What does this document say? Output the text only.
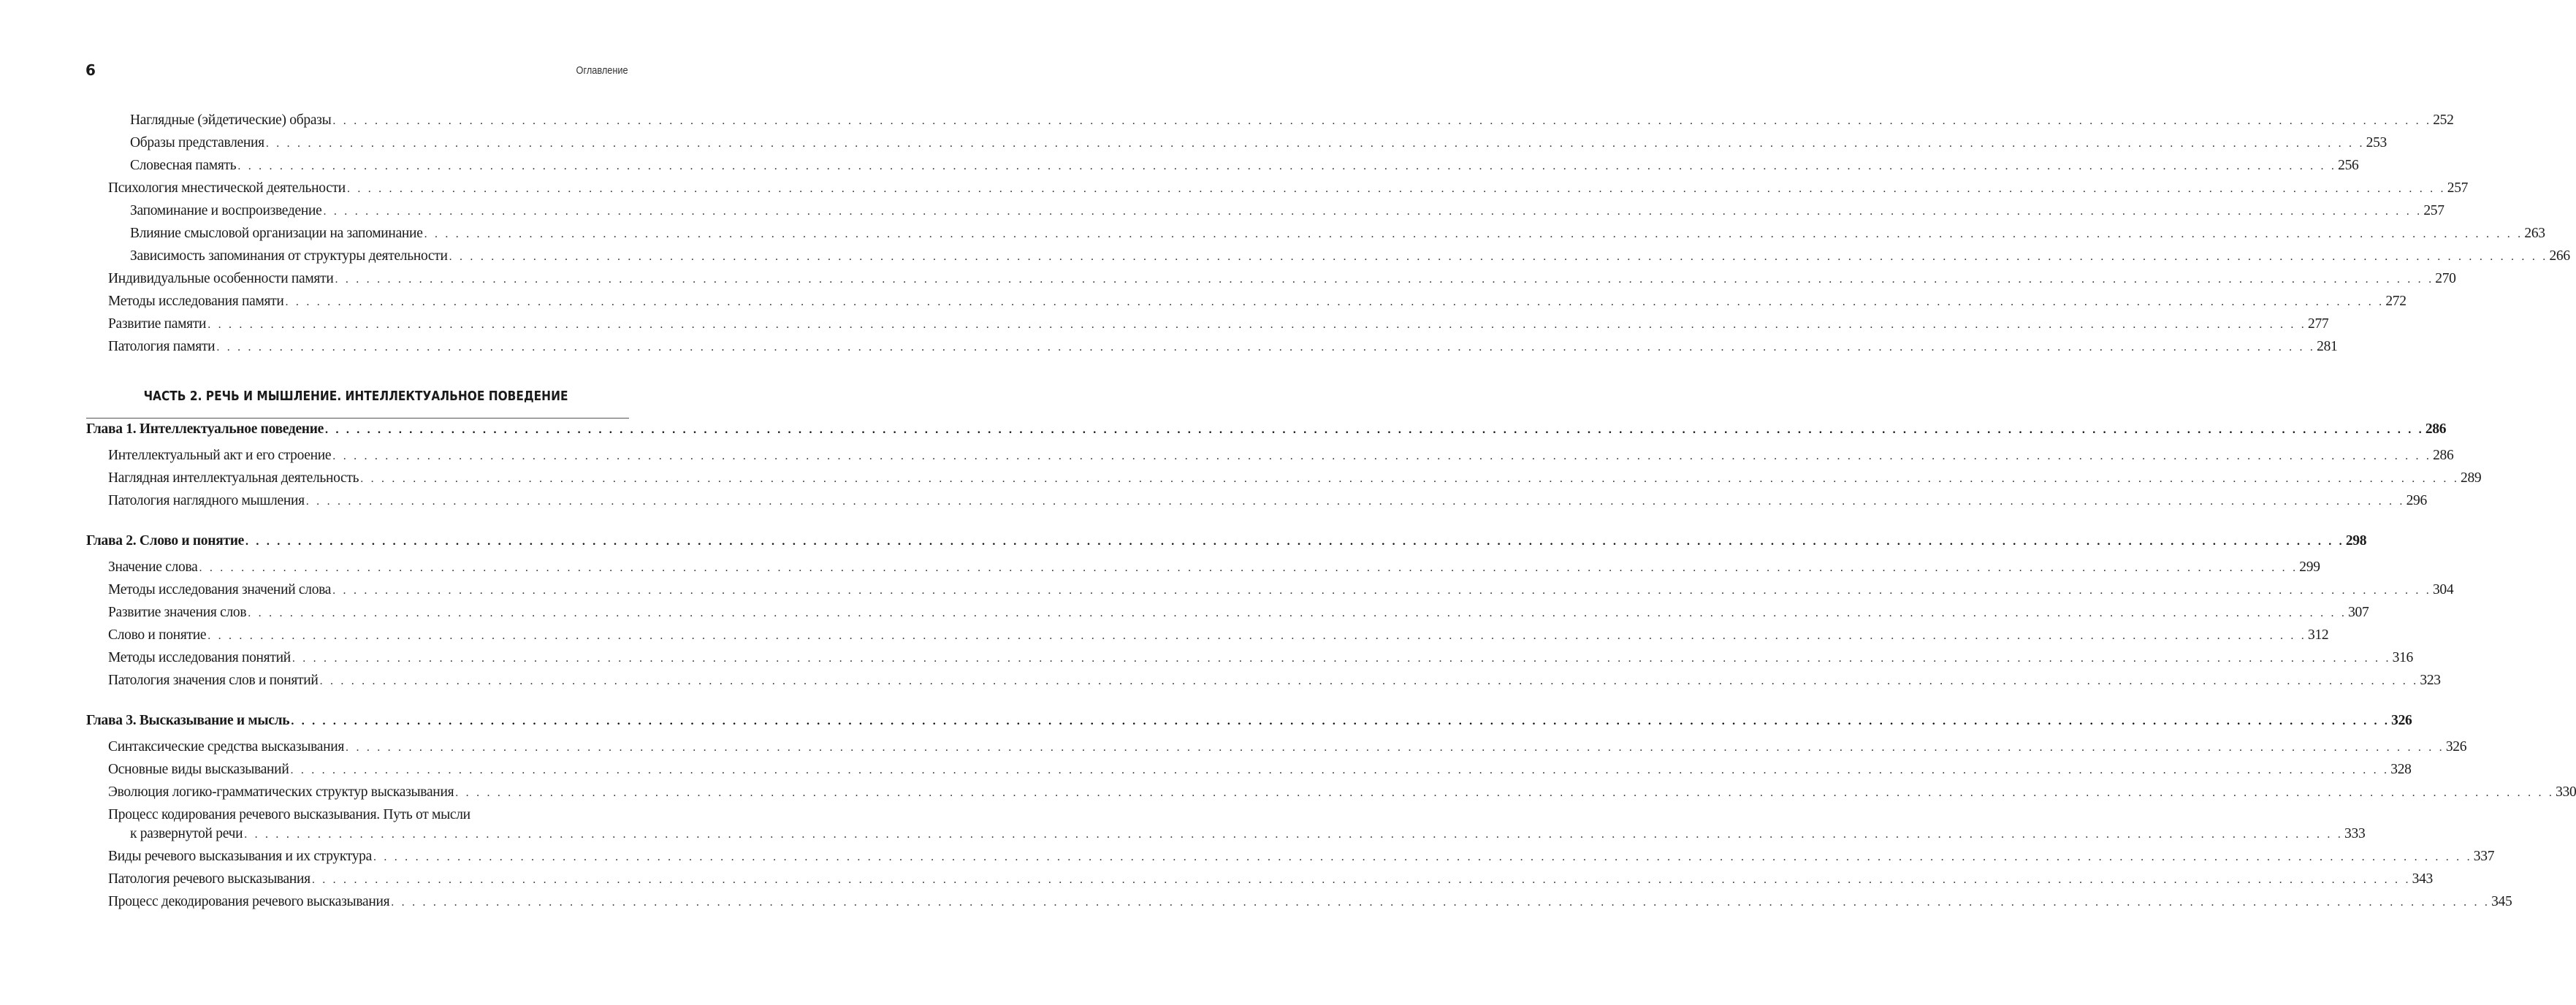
6	Оглавление
Наглядные (эйдетические) образы . . . . . . . . . . . . . . . . . . . . . . . . . . . . . . . . . . . . . . . . . . . . . . . . . . . . . . . . . . . . . . . . . . . . . . . . . . . . . . . . . . . . . . . . . . . . . . . . . . . . . . . . . . . . . . . . . . . . . . . . . . . . . . . . . . . . . . . . . . . . . . . . . . . . . . . . . . . . . . . . . . . . . . . . . . . . . . . . . . . . . . . . . . . . . . . . . . . . . . . . 252
Образы представления . . . . . . . . . . . . . . . . . . . . . . . . . . . . . . . . . . . . . . . . . . . . . . . . . . . . . . . . . . . . . . . . . . . . . . . . . . . . . . . . . . . . . . . . . . . . . . . . . . . . . . . . . . . . . . . . . . . . . . . . . . . . . . . . . . . . . . . . . . . . . . . . . . . . . . . . . . . . . . . . . . . . . . . . . . . . . . . . . . . . . . . . . . . . . . . . . . . . . . . . 253
Словесная память . . . . . . . . . . . . . . . . . . . . . . . . . . . . . . . . . . . . . . . . . . . . . . . . . . . . . . . . . . . . . . . . . . . . . . . . . . . . . . . . . . . . . . . . . . . . . . . . . . . . . . . . . . . . . . . . . . . . . . . . . . . . . . . . . . . . . . . . . . . . . . . . . . . . . . . . . . . . . . . . . . . . . . . . . . . . . . . . . . . . . . . . . . . . . . . . . . . . . . . . 256
Психология мнестической деятельности . . . . . . . . . . . . . . . . . . . . . . . . . . . . . . . . . . . . . . . . . . . . . . . . . . . . . . . . . . . . . . . . . . . . . . . . . . . . . . . . . . . . . . . . . . . . . . . . . . . . . . . . . . . . . . . . . . . . . . . . . . . . . . . . . . . . . . . . . . . . . . . . . . . . . . . . . . . . . . . . . . . . . . . . . . . . . . . . . . . . . . . . . . . . . . . . . . . . . . . . 257
Запоминание и воспроизведение . . . . . . . . . . . . . . . . . . . . . . . . . . . . . . . . . . . . . . . . . . . . . . . . . . . . . . . . . . . . . . . . . . . . . . . . . . . . . . . . . . . . . . . . . . . . . . . . . . . . . . . . . . . . . . . . . . . . . . . . . . . . . . . . . . . . . . . . . . . . . . . . . . . . . . . . . . . . . . . . . . . . . . . . . . . . . . . . . . . . . . . . . . . . . . . . . . . . . . . . 257
Влияние смысловой организации на запоминание . . . . . . . . . . . . . . . . . . . . . . . . . . . . . . . . . . . . . . . . . . . . . . . . . . . . . . . . . . . . . . . . . . . . . . . . . . . . . . . . . . . . . . . . . . . . . . . . . . . . . . . . . . . . . . . . . . . . . . . . . . . . . . . . . . . . . . . . . . . . . . . . . . . . . . . . . . . . . . . . . . . . . . . . . . . . . . . . . . . . . . . . . . . . . . . . . . . . . . . . 263
Зависимость запоминания от структуры деятельности . . . . . . . . . . . . . . . . . . . . . . . . . . . . . . . . . . . . . . . . . . . . . . . . . . . . . . . . . . . . . . . . . . . . . . . . . . . . . . . . . . . . . . . . . . . . . . . . . . . . . . . . . . . . . . . . . . . . . . . . . . . . . . . . . . . . . . . . . . . . . . . . . . . . . . . . . . . . . . . . . . . . . . . . . . . . . . . . . . . . . . . . . . . . . . . . . . . . . . . . 266
Индивидуальные особенности памяти . . . . . . . . . . . . . . . . . . . . . . . . . . . . . . . . . . . . . . . . . . . . . . . . . . . . . . . . . . . . . . . . . . . . . . . . . . . . . . . . . . . . . . . . . . . . . . . . . . . . . . . . . . . . . . . . . . . . . . . . . . . . . . . . . . . . . . . . . . . . . . . . . . . . . . . . . . . . . . . . . . . . . . . . . . . . . . . . . . . . . . . . . . . . . . . . . . . . . . . . 270
Методы исследования памяти . . . . . . . . . . . . . . . . . . . . . . . . . . . . . . . . . . . . . . . . . . . . . . . . . . . . . . . . . . . . . . . . . . . . . . . . . . . . . . . . . . . . . . . . . . . . . . . . . . . . . . . . . . . . . . . . . . . . . . . . . . . . . . . . . . . . . . . . . . . . . . . . . . . . . . . . . . . . . . . . . . . . . . . . . . . . . . . . . . . . . . . . . . . . . . . . . . . . . . . . 272
Развитие памяти . . . . . . . . . . . . . . . . . . . . . . . . . . . . . . . . . . . . . . . . . . . . . . . . . . . . . . . . . . . . . . . . . . . . . . . . . . . . . . . . . . . . . . . . . . . . . . . . . . . . . . . . . . . . . . . . . . . . . . . . . . . . . . . . . . . . . . . . . . . . . . . . . . . . . . . . . . . . . . . . . . . . . . . . . . . . . . . . . . . . . . . . . . . . . . . . . . . . . . . . 277
Патология памяти . . . . . . . . . . . . . . . . . . . . . . . . . . . . . . . . . . . . . . . . . . . . . . . . . . . . . . . . . . . . . . . . . . . . . . . . . . . . . . . . . . . . . . . . . . . . . . . . . . . . . . . . . . . . . . . . . . . . . . . . . . . . . . . . . . . . . . . . . . . . . . . . . . . . . . . . . . . . . . . . . . . . . . . . . . . . . . . . . . . . . . . . . . . . . . . . . . . . . . . . 281
ЧАСТЬ 2. РЕЧЬ И МЫШЛЕНИЕ. ИНТЕЛЛЕКТУАЛЬНОЕ ПОВЕДЕНИЕ
Глава 1. Интеллектуальное поведение . . . . . . . . . . . . . . . . . . . . . . . . . . . . . . . . . . . . . . . . . . . . . . . . . . . . . . . . . . . . . . . . . . . . . . . . . . . . . . . . . . . . . . . . . . . . . . . . . . . . . . . . . . . . . . . . . . . . . . . . . . . . . . . . . . . . . . . . . . . . . . . . . . . . . . . . . . . . . . . . . . . . . . . . . . . . . . . . . . . . . . . . . . . . . . . . . . . . . . . . 286
Интеллектуальный акт и его строение . . . . . . . . . . . . . . . . . . . . . . . . . . . . . . . . . . . . . . . . . . . . . . . . . . . . . . . . . . . . . . . . . . . . . . . . . . . . . . . . . . . . . . . . . . . . . . . . . . . . . . . . . . . . . . . . . . . . . . . . . . . . . . . . . . . . . . . . . . . . . . . . . . . . . . . . . . . . . . . . . . . . . . . . . . . . . . . . . . . . . . . . . . . . . . . . . . . . . . . . 286
Наглядная интеллектуальная деятельность . . . . . . . . . . . . . . . . . . . . . . . . . . . . . . . . . . . . . . . . . . . . . . . . . . . . . . . . . . . . . . . . . . . . . . . . . . . . . . . . . . . . . . . . . . . . . . . . . . . . . . . . . . . . . . . . . . . . . . . . . . . . . . . . . . . . . . . . . . . . . . . . . . . . . . . . . . . . . . . . . . . . . . . . . . . . . . . . . . . . . . . . . . . . . . . . . . . . . . . . 289
Патология наглядного мышления . . . . . . . . . . . . . . . . . . . . . . . . . . . . . . . . . . . . . . . . . . . . . . . . . . . . . . . . . . . . . . . . . . . . . . . . . . . . . . . . . . . . . . . . . . . . . . . . . . . . . . . . . . . . . . . . . . . . . . . . . . . . . . . . . . . . . . . . . . . . . . . . . . . . . . . . . . . . . . . . . . . . . . . . . . . . . . . . . . . . . . . . . . . . . . . . . . . . . . . . 296
Глава 2. Слово и понятие . . . . . . . . . . . . . . . . . . . . . . . . . . . . . . . . . . . . . . . . . . . . . . . . . . . . . . . . . . . . . . . . . . . . . . . . . . . . . . . . . . . . . . . . . . . . . . . . . . . . . . . . . . . . . . . . . . . . . . . . . . . . . . . . . . . . . . . . . . . . . . . . . . . . . . . . . . . . . . . . . . . . . . . . . . . . . . . . . . . . . . . . . . . . . . . . . . . . . . . . 298
Значение слова . . . . . . . . . . . . . . . . . . . . . . . . . . . . . . . . . . . . . . . . . . . . . . . . . . . . . . . . . . . . . . . . . . . . . . . . . . . . . . . . . . . . . . . . . . . . . . . . . . . . . . . . . . . . . . . . . . . . . . . . . . . . . . . . . . . . . . . . . . . . . . . . . . . . . . . . . . . . . . . . . . . . . . . . . . . . . . . . . . . . . . . . . . . . . . . . . . . . . . . . 299
Методы исследования значений слова . . . . . . . . . . . . . . . . . . . . . . . . . . . . . . . . . . . . . . . . . . . . . . . . . . . . . . . . . . . . . . . . . . . . . . . . . . . . . . . . . . . . . . . . . . . . . . . . . . . . . . . . . . . . . . . . . . . . . . . . . . . . . . . . . . . . . . . . . . . . . . . . . . . . . . . . . . . . . . . . . . . . . . . . . . . . . . . . . . . . . . . . . . . . . . . . . . . . . . . . 304
Развитие значения слов . . . . . . . . . . . . . . . . . . . . . . . . . . . . . . . . . . . . . . . . . . . . . . . . . . . . . . . . . . . . . . . . . . . . . . . . . . . . . . . . . . . . . . . . . . . . . . . . . . . . . . . . . . . . . . . . . . . . . . . . . . . . . . . . . . . . . . . . . . . . . . . . . . . . . . . . . . . . . . . . . . . . . . . . . . . . . . . . . . . . . . . . . . . . . . . . . . . . . . . . 307
Слово и понятие . . . . . . . . . . . . . . . . . . . . . . . . . . . . . . . . . . . . . . . . . . . . . . . . . . . . . . . . . . . . . . . . . . . . . . . . . . . . . . . . . . . . . . . . . . . . . . . . . . . . . . . . . . . . . . . . . . . . . . . . . . . . . . . . . . . . . . . . . . . . . . . . . . . . . . . . . . . . . . . . . . . . . . . . . . . . . . . . . . . . . . . . . . . . . . . . . . . . . . . . 312
Методы исследования понятий . . . . . . . . . . . . . . . . . . . . . . . . . . . . . . . . . . . . . . . . . . . . . . . . . . . . . . . . . . . . . . . . . . . . . . . . . . . . . . . . . . . . . . . . . . . . . . . . . . . . . . . . . . . . . . . . . . . . . . . . . . . . . . . . . . . . . . . . . . . . . . . . . . . . . . . . . . . . . . . . . . . . . . . . . . . . . . . . . . . . . . . . . . . . . . . . . . . . . . . . 316
Патология значения слов и понятий . . . . . . . . . . . . . . . . . . . . . . . . . . . . . . . . . . . . . . . . . . . . . . . . . . . . . . . . . . . . . . . . . . . . . . . . . . . . . . . . . . . . . . . . . . . . . . . . . . . . . . . . . . . . . . . . . . . . . . . . . . . . . . . . . . . . . . . . . . . . . . . . . . . . . . . . . . . . . . . . . . . . . . . . . . . . . . . . . . . . . . . . . . . . . . . . . . . . . . . . 323
Глава 3. Высказывание и мысль . . . . . . . . . . . . . . . . . . . . . . . . . . . . . . . . . . . . . . . . . . . . . . . . . . . . . . . . . . . . . . . . . . . . . . . . . . . . . . . . . . . . . . . . . . . . . . . . . . . . . . . . . . . . . . . . . . . . . . . . . . . . . . . . . . . . . . . . . . . . . . . . . . . . . . . . . . . . . . . . . . . . . . . . . . . . . . . . . . . . . . . . . . . . . . . . . . . . . . . . 326
Синтаксические средства высказывания . . . . . . . . . . . . . . . . . . . . . . . . . . . . . . . . . . . . . . . . . . . . . . . . . . . . . . . . . . . . . . . . . . . . . . . . . . . . . . . . . . . . . . . . . . . . . . . . . . . . . . . . . . . . . . . . . . . . . . . . . . . . . . . . . . . . . . . . . . . . . . . . . . . . . . . . . . . . . . . . . . . . . . . . . . . . . . . . . . . . . . . . . . . . . . . . . . . . . . . . 326
Основные виды высказываний . . . . . . . . . . . . . . . . . . . . . . . . . . . . . . . . . . . . . . . . . . . . . . . . . . . . . . . . . . . . . . . . . . . . . . . . . . . . . . . . . . . . . . . . . . . . . . . . . . . . . . . . . . . . . . . . . . . . . . . . . . . . . . . . . . . . . . . . . . . . . . . . . . . . . . . . . . . . . . . . . . . . . . . . . . . . . . . . . . . . . . . . . . . . . . . . . . . . . . . . 328
Эволюция логико-грамматических структур высказывания . . . . . . . . . . . . . . . . . . . . . . . . . . . . . . . . . . . . . . . . . . . . . . . . . . . . . . . . . . . . . . . . . . . . . . . . . . . . . . . . . . . . . . . . . . . . . . . . . . . . . . . . . . . . . . . . . . . . . . . . . . . . . . . . . . . . . . . . . . . . . . . . . . . . . . . . . . . . . . . . . . . . . . . . . . . . . . . . . . . . . . . . . . . . . . . . . . . . . . . . 330
Процесс кодирования речевого высказывания. Путь от мысли
к развернутой речи . . . . . . . . . . . . . . . . . . . . . . . . . . . . . . . . . . . . . . . . . . . . . . . . . . . . . . . . . . . . . . . . . . . . . . . . . . . . . . . . . . . . . . . . . . . . . . . . . . . . . . . . . . . . . . . . . . . . . . . . . . . . . . . . . . . . . . . . . . . . . . . . . . . . . . . . . . . . . . . . . . . . . . . . . . . . . . . . . . . . . . . . . . . . . . . . . . . . . . . . 333
Виды речевого высказывания и их структура . . . . . . . . . . . . . . . . . . . . . . . . . . . . . . . . . . . . . . . . . . . . . . . . . . . . . . . . . . . . . . . . . . . . . . . . . . . . . . . . . . . . . . . . . . . . . . . . . . . . . . . . . . . . . . . . . . . . . . . . . . . . . . . . . . . . . . . . . . . . . . . . . . . . . . . . . . . . . . . . . . . . . . . . . . . . . . . . . . . . . . . . . . . . . . . . . . . . . . . . 337
Патология речевого высказывания . . . . . . . . . . . . . . . . . . . . . . . . . . . . . . . . . . . . . . . . . . . . . . . . . . . . . . . . . . . . . . . . . . . . . . . . . . . . . . . . . . . . . . . . . . . . . . . . . . . . . . . . . . . . . . . . . . . . . . . . . . . . . . . . . . . . . . . . . . . . . . . . . . . . . . . . . . . . . . . . . . . . . . . . . . . . . . . . . . . . . . . . . . . . . . . . . . . . . . . . 343
Процесс декодирования речевого высказывания . . . . . . . . . . . . . . . . . . . . . . . . . . . . . . . . . . . . . . . . . . . . . . . . . . . . . . . . . . . . . . . . . . . . . . . . . . . . . . . . . . . . . . . . . . . . . . . . . . . . . . . . . . . . . . . . . . . . . . . . . . . . . . . . . . . . . . . . . . . . . . . . . . . . . . . . . . . . . . . . . . . . . . . . . . . . . . . . . . . . . . . . . . . . . . . . . . . . . . . . 345
